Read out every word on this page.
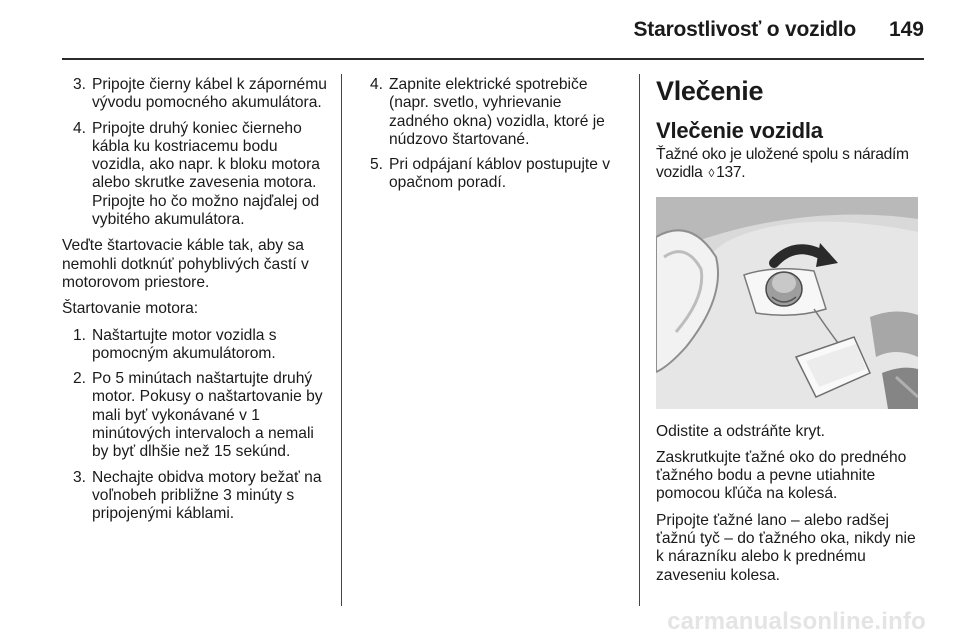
Starostlivosť o vozidlo	149
3. Pripojte čierny kábel k zápornému vývodu pomocného akumulátora.
4. Pripojte druhý koniec čierneho kábla ku kostriacemu bodu vozidla, ako napr. k bloku motora alebo skrutke zavesenia motora. Pripojte ho čo možno najďalej od vybitého akumulátora.

Veďte štartovacie káble tak, aby sa nemohli dotknúť pohyblivých častí v motorovom priestore.

Štartovanie motora:

1. Naštartujte motor vozidla s pomocným akumulátorom.
2. Po 5 minútach naštartujte druhý motor. Pokusy o naštartovanie by mali byť vykonávané v 1 minútových intervaloch a nemali by byť dlhšie než 15 sekúnd.
3. Nechajte obidva motory bežať na voľnobeh približne 3 minúty s pripojenými káblami.
4. Zapnite elektrické spotrebiče (napr. svetlo, vyhrievanie zadného okna) vozidla, ktoré je núdzovo štartované.
5. Pri odpájaní káblov postupujte v opačnom poradí.
Vlečenie
Vlečenie vozidla

Ťažné oko je uložené spolu s náradím vozidla ◊ 137.

Odistite a odstráňte kryt.

Zaskrutkujte ťažné oko do predného ťažného bodu a pevne utiahnite pomocou kľúča na kolesá.

Pripojte ťažné lano – alebo radšej ťažnú tyč – do ťažného oka, nikdy nie k nárazníku alebo k prednému zaveseniu kolesa.

carmanualsonline.info
